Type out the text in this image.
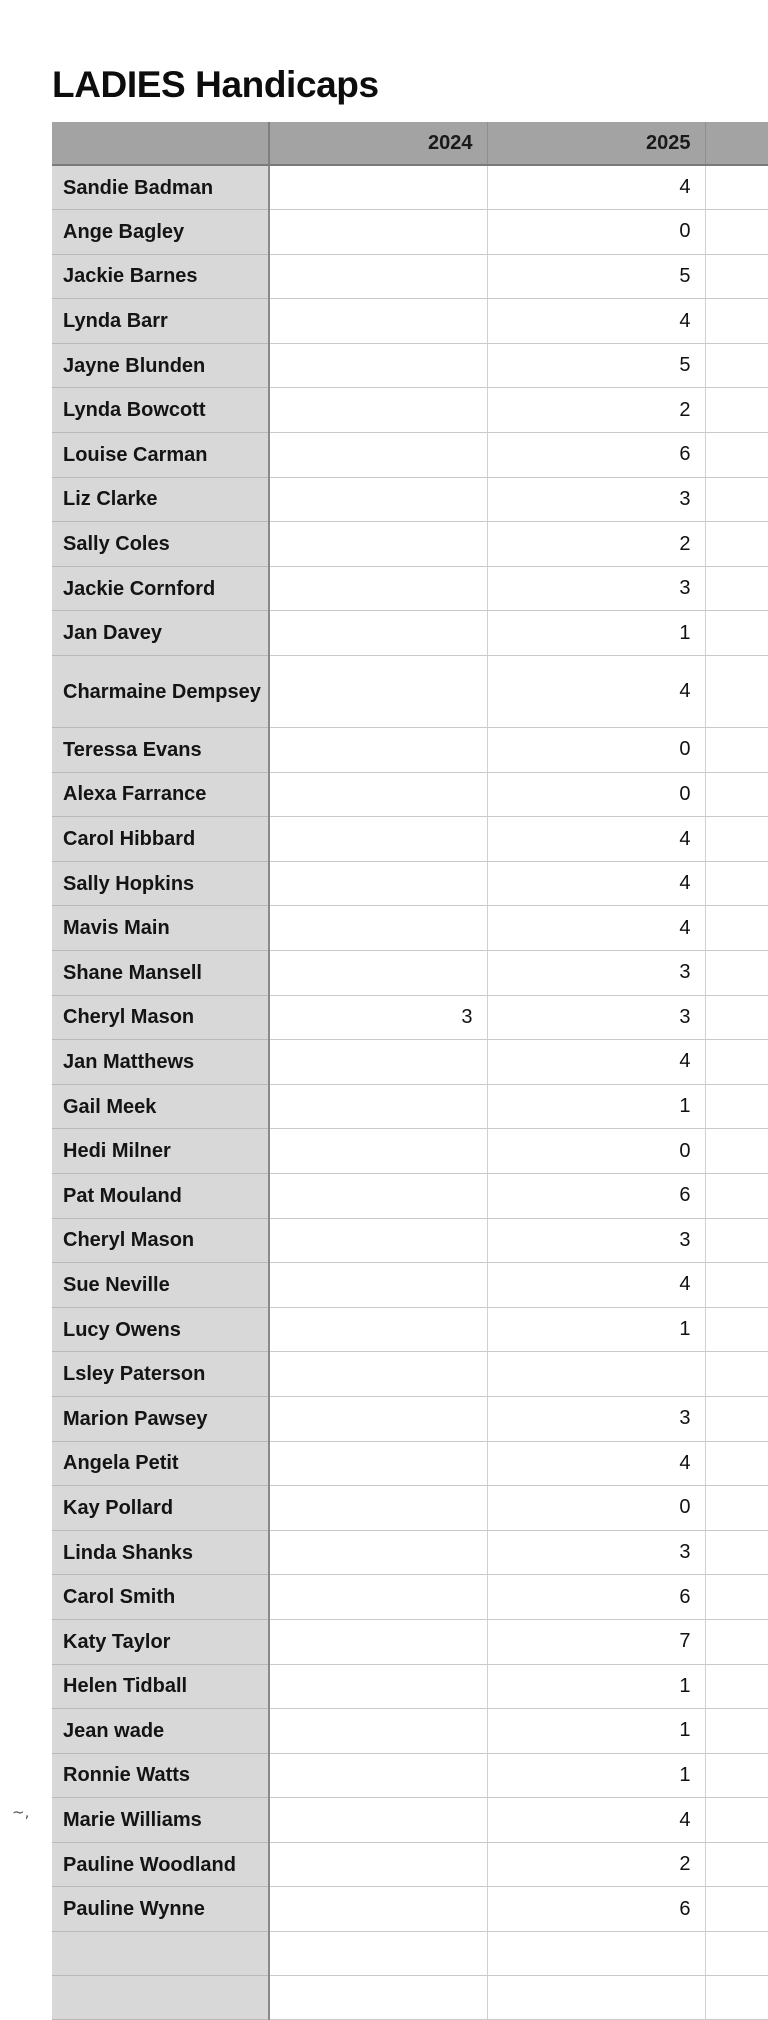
LADIES Handicaps
	2024	2025	
Sandie Badman		4	
Ange Bagley		0	
Jackie Barnes		5	
Lynda Barr		4	
Jayne Blunden		5	
Lynda Bowcott		2	
Louise Carman		6	
Liz Clarke		3	
Sally Coles		2	
Jackie Cornford		3	
Jan Davey		1	
Charmaine Dempsey		4	
Teressa Evans		0	
Alexa Farrance		0	
Carol Hibbard		4	
Sally Hopkins		4	
Mavis Main		4	
Shane Mansell		3	
Cheryl Mason	3	3	
Jan Matthews		4	
Gail Meek		1	
Hedi Milner		0	
Pat Mouland		6	
Cheryl Mason		3	
Sue Neville		4	
Lucy Owens		1	
Lsley Paterson			
Marion Pawsey		3	
Angela Petit		4	
Kay Pollard		0	
Linda Shanks		3	
Carol Smith		6	
Katy Taylor		7	
Helen Tidball		1	
Jean wade		1	
Ronnie Watts		1	
Marie Williams		4	
Pauline Woodland		2	
Pauline Wynne		6	

~,
